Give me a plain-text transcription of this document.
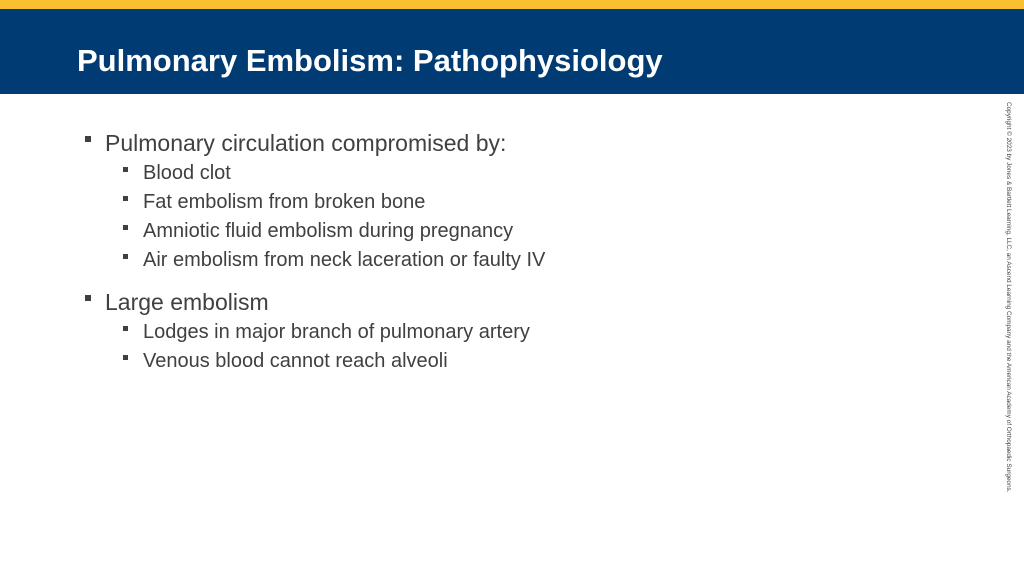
Pulmonary Embolism: Pathophysiology
Pulmonary circulation compromised by:
Blood clot
Fat embolism from broken bone
Amniotic fluid embolism during pregnancy
Air embolism from neck laceration or faulty IV
Large embolism
Lodges in major branch of pulmonary artery
Venous blood cannot reach alveoli	Copyright © 2023 by Jones & Bartlett Learning, LLC, an Ascend Learning Company and the American Academy of Orthopaedic Surgeons.
